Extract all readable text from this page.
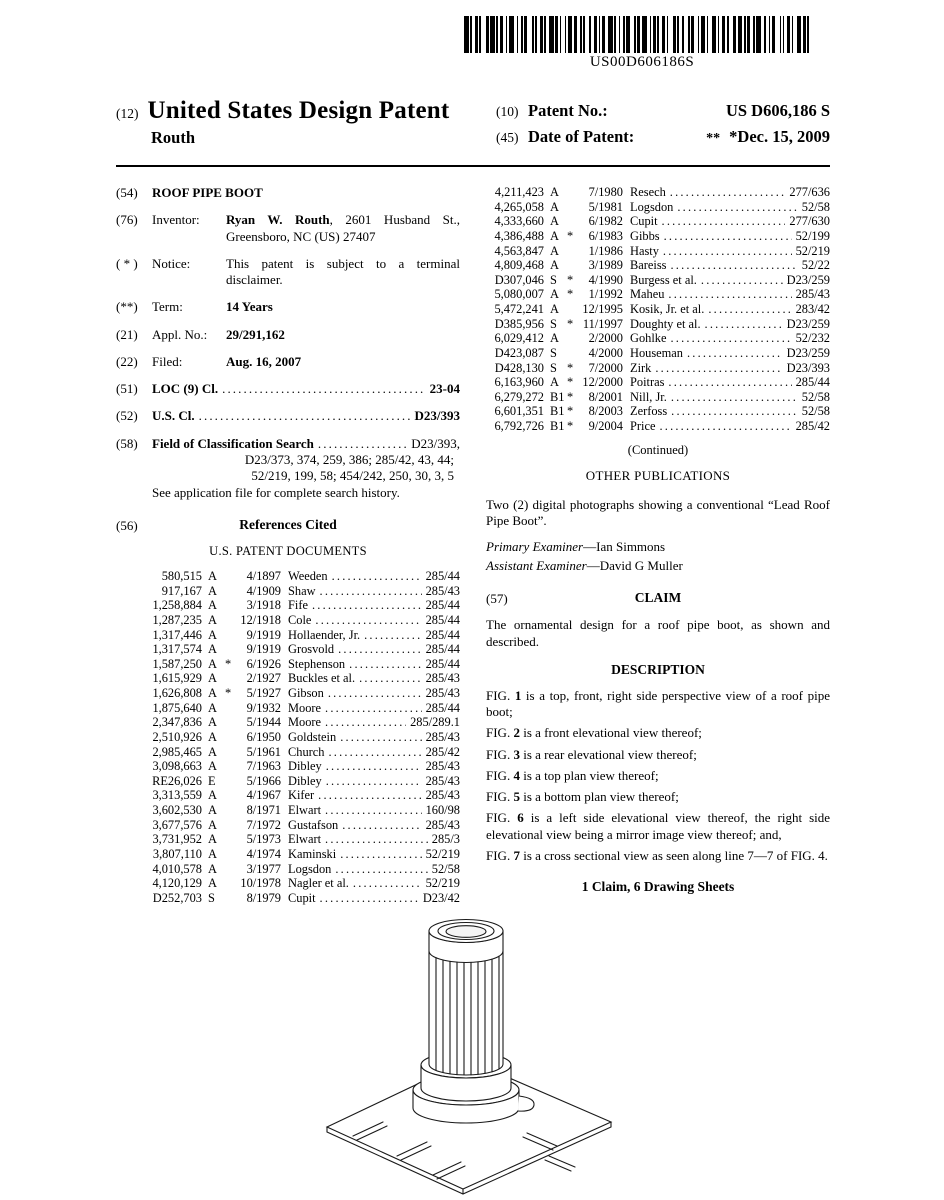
US00D606186S
(12) United States Design Patent
Routh
(10) Patent No.:	US D606,186 S
(45) Date of Patent:	** *Dec. 15, 2009
(54)	ROOF PIPE BOOT
(76)	Inventor:	Ryan W. Routh, 2601 Husband St., Greensboro, NC (US) 27407
( * )	Notice:	This patent is subject to a terminal disclaimer.
(**)	Term:	14 Years
(21)	Appl. No.:	29/291,162
(22)	Filed:	Aug. 16, 2007
(51)	LOC (9) Cl. .....	23-04
(52)	U.S. Cl. .....	D23/393
(58)	Field of Classification Search .....	D23/393,
D23/373, 374, 259, 386; 285/42, 43, 44;
52/219, 199, 58; 454/242, 250, 30, 3, 5
See application file for complete search history.
(56)	References Cited
U.S. PATENT DOCUMENTS
580,515 A	4/1897 Weeden .....	285/44
917,167 A	4/1909 Shaw .....	285/43
1,258,884 A	3/1918 Fife .....	285/44
1,287,235 A	12/1918 Cole .....	285/44
1,317,446 A	9/1919 Hollaender, Jr. .....	285/44
1,317,574 A	9/1919 Grosvold .....	285/44
1,587,250 A *	6/1926 Stephenson .....	285/44
1,615,929 A	2/1927 Buckles et al. .....	285/43
1,626,808 A *	5/1927 Gibson .....	285/43
1,875,640 A	9/1932 Moore .....	285/44
2,347,836 A	5/1944 Moore .....	285/289.1
2,510,926 A	6/1950 Goldstein .....	285/43
2,985,465 A	5/1961 Church .....	285/42
3,098,663 A	7/1963 Dibley .....	285/43
RE26,026 E	5/1966 Dibley .....	285/43
3,313,559 A	4/1967 Kifer .....	285/43
3,602,530 A	8/1971 Elwart .....	160/98
3,677,576 A	7/1972 Gustafson .....	285/43
3,731,952 A	5/1973 Elwart .....	285/3
3,807,110 A	4/1974 Kaminski .....	52/219
4,010,578 A	3/1977 Logsdon .....	52/58
4,120,129 A	10/1978 Nagler et al. .....	52/219
D252,703 S	8/1979 Cupit .....	D23/42
4,211,423 A	7/1980 Resech .....	277/636
4,265,058 A	5/1981 Logsdon .....	52/58
4,333,660 A	6/1982 Cupit .....	277/630
4,386,488 A *	6/1983 Gibbs .....	52/199
4,563,847 A	1/1986 Hasty .....	52/219
4,809,468 A	3/1989 Bareiss .....	52/22
D307,046 S *	4/1990 Burgess et al. .....	D23/259
5,080,007 A *	1/1992 Maheu .....	285/43
5,472,241 A	12/1995 Kosik, Jr. et al. .....	283/42
D385,956 S * 11/1997 Doughty et al. .....	D23/259
6,029,412 A	2/2000 Gohlke .....	52/232
D423,087 S	4/2000 Houseman .....	D23/259
D428,130 S *	7/2000 Zirk .....	D23/393
6,163,960 A * 12/2000 Poitras .....	285/44
6,279,272 B1 *	8/2001 Nill, Jr. .....	52/58
6,601,351 B1 *	8/2003 Zerfoss .....	52/58
6,792,726 B1 *	9/2004 Price .....	285/42
(Continued)
OTHER PUBLICATIONS

Two (2) digital photographs showing a conventional “Lead Roof Pipe Boot”.

Primary Examiner—Ian Simmons
Assistant Examiner—David G Muller
(57)	CLAIM

The ornamental design for a roof pipe boot, as shown and described.

DESCRIPTION

FIG. 1 is a top, front, right side perspective view of a roof pipe boot;

FIG. 2 is a front elevational view thereof;

FIG. 3 is a rear elevational view thereof;

FIG. 4 is a top plan view thereof;

FIG. 5 is a bottom plan view thereof;

FIG. 6 is a left side elevational view thereof, the right side elevational view being a mirror image view thereof; and,

FIG. 7 is a cross sectional view as seen along line 7—7 of FIG. 4.

1 Claim, 6 Drawing Sheets
